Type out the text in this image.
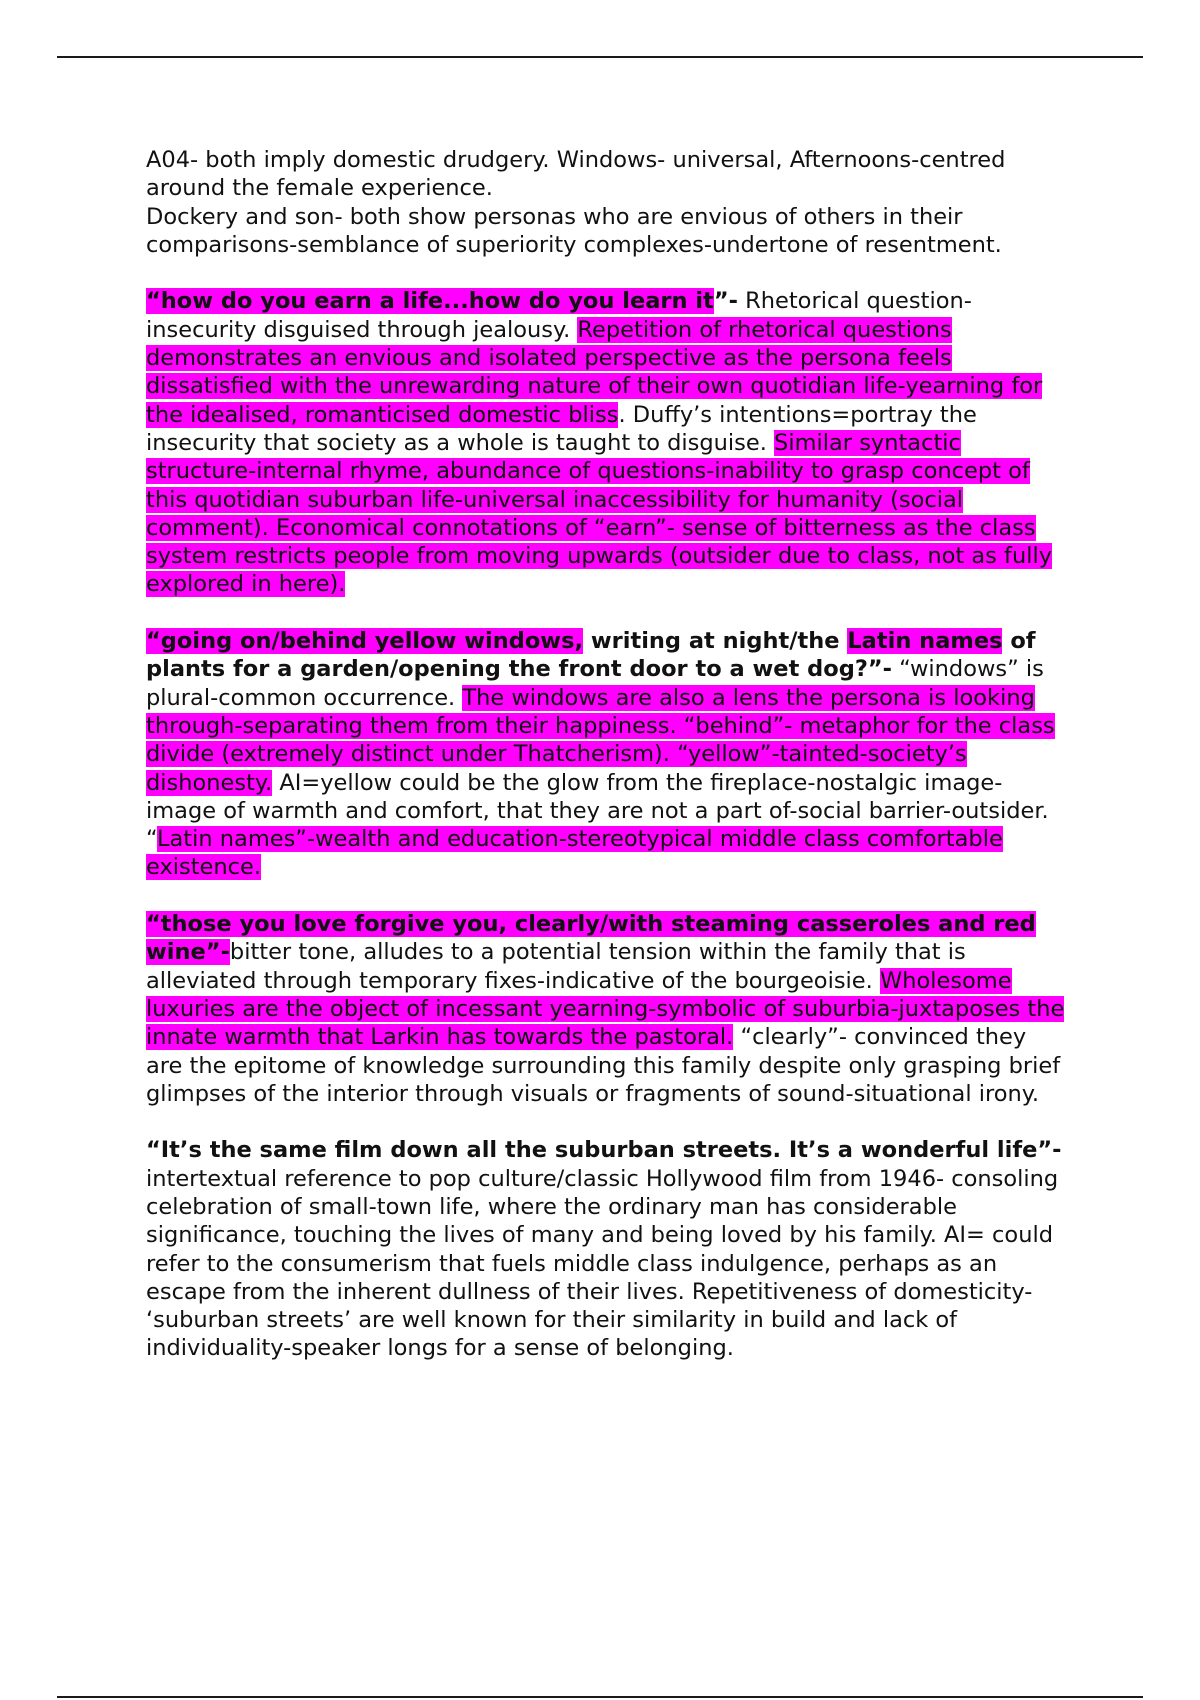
A04- both imply domestic drudgery. Windows- universal, Afternoons-centred around the female experience.

Dockery and son- both show personas who are envious of others in their comparisons-semblance of superiority complexes-undertone of resentment.

“how do you earn a life...how do you learn it”- Rhetorical question-insecurity disguised through jealousy. Repetition of rhetorical questions demonstrates an envious and isolated perspective as the persona feels dissatisfied with the unrewarding nature of their own quotidian life-yearning for the idealised, romanticised domestic bliss. Duffy’s intentions=portray the insecurity that society as a whole is taught to disguise. Similar syntactic structure-internal rhyme, abundance of questions-inability to grasp concept of this quotidian suburban life-universal inaccessibility for humanity (social comment). Economical connotations of “earn”- sense of bitterness as the class system restricts people from moving upwards (outsider due to class, not as fully explored in here).

“going on/behind yellow windows, writing at night/the Latin names of plants for a garden/opening the front door to a wet dog?”- “windows” is plural-common occurrence. The windows are also a lens the persona is looking through-separating them from their happiness. “behind”- metaphor for the class divide (extremely distinct under Thatcherism). “yellow”-tainted-society’s dishonesty. AI=yellow could be the glow from the fireplace-nostalgic image-image of warmth and comfort, that they are not a part of-social barrier-outsider. “Latin names”-wealth and education-stereotypical middle class comfortable existence.

“those you love forgive you, clearly/with steaming casseroles and red wine”-bitter tone, alludes to a potential tension within the family that is alleviated through temporary fixes-indicative of the bourgeoisie. Wholesome luxuries are the object of incessant yearning-symbolic of suburbia-juxtaposes the innate warmth that Larkin has towards the pastoral. “clearly”- convinced they are the epitome of knowledge surrounding this family despite only grasping brief glimpses of the interior through visuals or fragments of sound-situational irony.

“It’s the same film down all the suburban streets. It’s a wonderful life”-intertextual reference to pop culture/classic Hollywood film from 1946- consoling celebration of small-town life, where the ordinary man has considerable significance, touching the lives of many and being loved by his family. AI= could refer to the consumerism that fuels middle class indulgence, perhaps as an escape from the inherent dullness of their lives. Repetitiveness of domesticity- ‘suburban streets’ are well known for their similarity in build and lack of individuality-speaker longs for a sense of belonging.
